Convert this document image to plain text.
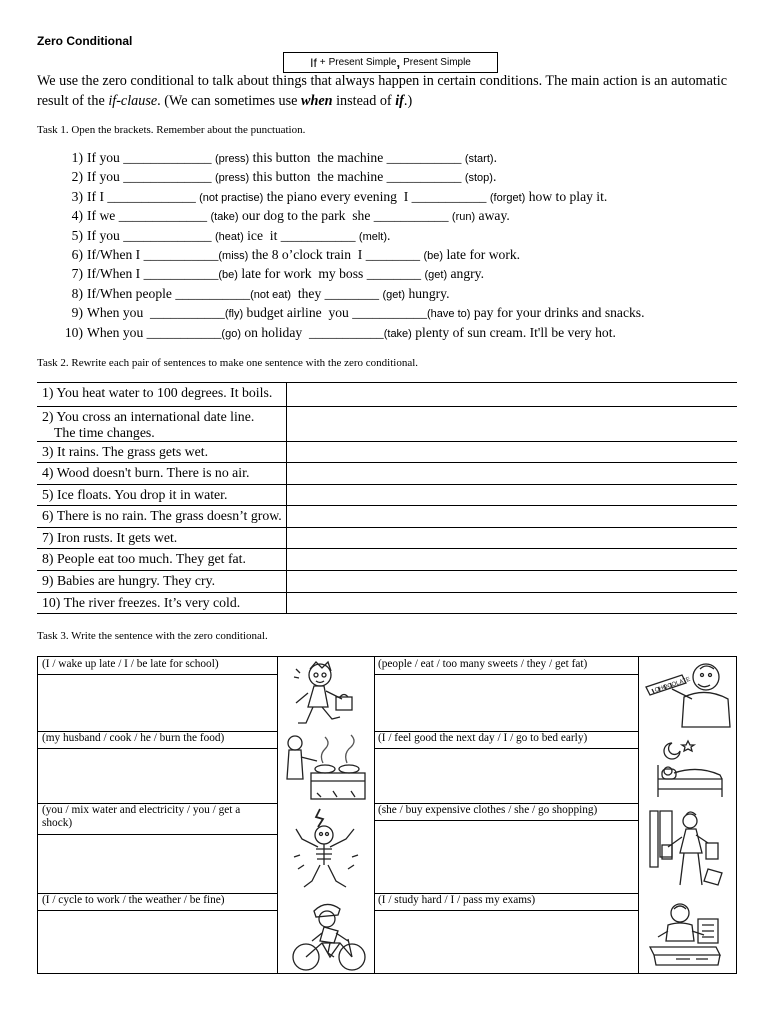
Zero Conditional
If + Present Simple , Present Simple
We use the zero conditional to talk about things that always happen in certain conditions. The main action is an automatic result of the if-clause. (We can sometimes use when instead of if.)
Task 1. Open the brackets. Remember about the punctuation.
1) If you _____________ (press) this button  the machine ___________ (start) .
2) If you _____________ (press) this button  the machine ___________ (stop) .
3) If I _____________ (not practise) the piano every evening  I ___________ (forget) how to play it.
4) If we _____________ (take) our dog to the park  she ___________ (run) away.
5) If you _____________ (heat) ice  it ___________ (melt) .
6) If/When I ___________ (miss) the 8 o’clock train  I ________ (be) late for work.
7) If/When I ___________ (be) late for work  my boss ________ (get) angry.
8) If/When people ___________ (not eat) they ________ (get) hungry.
9) When you  ___________ (fly) budget airline  you ___________ (have to) pay for your drinks and snacks.
10) When you ___________ (go) on holiday  ___________ (take) plenty of sun cream. It'll be very hot.
Task 2. Rewrite each pair of sentences to make one sentence with the zero conditional.
1) You heat water to 100 degrees. It boils.
2) You cross an international date line.
The time changes.
3) It rains. The grass gets wet.
4) Wood doesn't burn. There is no air.
5) Ice floats. You drop it in water.
6) There is no rain. The grass doesn’t grow.
7) Iron rusts. It gets wet.
8) People eat too much. They get fat.
9) Babies are hungry. They cry.
10) The river freezes. It’s very cold.
Task 3. Write the sentence with the zero conditional.
CHOCOLATE
(I / wake up late / I / be late for school)
(my husband / cook / he / burn the food)
(you / mix water and electricity / you / get a shock)
(I / cycle to work / the weather / be fine)
(people / eat / too many sweets / they / get fat)
(I / feel good the next day / I / go to bed early)
(she / buy expensive clothes / she / go shopping)
(I / study hard / I / pass my exams)
